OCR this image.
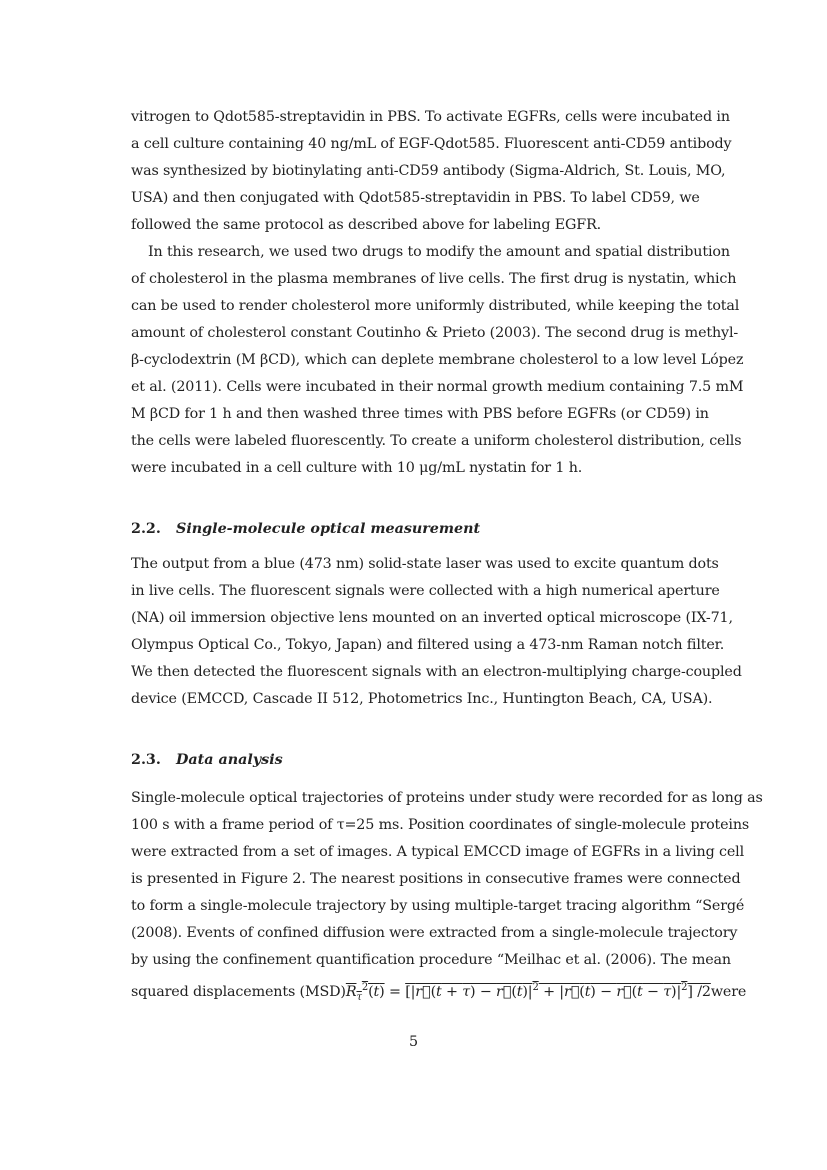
vitrogen to Qdot585-streptavidin in PBS. To activate EGFRs, cells were incubated in
a cell culture containing 40 ng/mL of EGF-Qdot585. Fluorescent anti-CD59 antibody
was synthesized by biotinylating anti-CD59 antibody (Sigma-Aldrich, St. Louis, MO,
USA) and then conjugated with Qdot585-streptavidin in PBS. To label CD59, we
followed the same protocol as described above for labeling EGFR.
In this research, we used two drugs to modify the amount and spatial distribution
of cholesterol in the plasma membranes of live cells. The first drug is nystatin, which
can be used to render cholesterol more uniformly distributed, while keeping the total
amount of cholesterol constant Coutinho & Prieto (2003). The second drug is methyl-
β-cyclodextrin (M βCD), which can deplete membrane cholesterol to a low level López
et al. (2011). Cells were incubated in their normal growth medium containing 7.5 mM
M βCD for 1 h and then washed three times with PBS before EGFRs (or CD59) in
the cells were labeled fluorescently. To create a uniform cholesterol distribution, cells
were incubated in a cell culture with 10 μg/mL nystatin for 1 h.
2.2. Single-molecule optical measurement
The output from a blue (473 nm) solid-state laser was used to excite quantum dots
in live cells. The fluorescent signals were collected with a high numerical aperture
(NA) oil immersion objective lens mounted on an inverted optical microscope (IX-71,
Olympus Optical Co., Tokyo, Japan) and filtered using a 473-nm Raman notch filter.
We then detected the fluorescent signals with an electron-multiplying charge-coupled
device (EMCCD, Cascade II 512, Photometrics Inc., Huntington Beach, CA, USA).
2.3. Data analysis
Single-molecule optical trajectories of proteins under study were recorded for as long as
100 s with a frame period of τ=25 ms. Position coordinates of single-molecule proteins
were extracted from a set of images. A typical EMCCD image of EGFRs in a living cell
is presented in Figure 2. The nearest positions in consecutive frames were connected
to form a single-molecule trajectory by using multiple-target tracing algorithm “Sergé
(2008). Events of confined diffusion were extracted from a single-molecule trajectory
by using the confinement quantification procedure “Meilhac et al. (2006). The mean
squared displacements (MSD) $R_\tau^2(t)$ = [|r⃗(t + $\tau) - r⃗(t)|^2$ + |r⃗(t) − r⃗(t − $\tau)|^2$] /2 were
5
